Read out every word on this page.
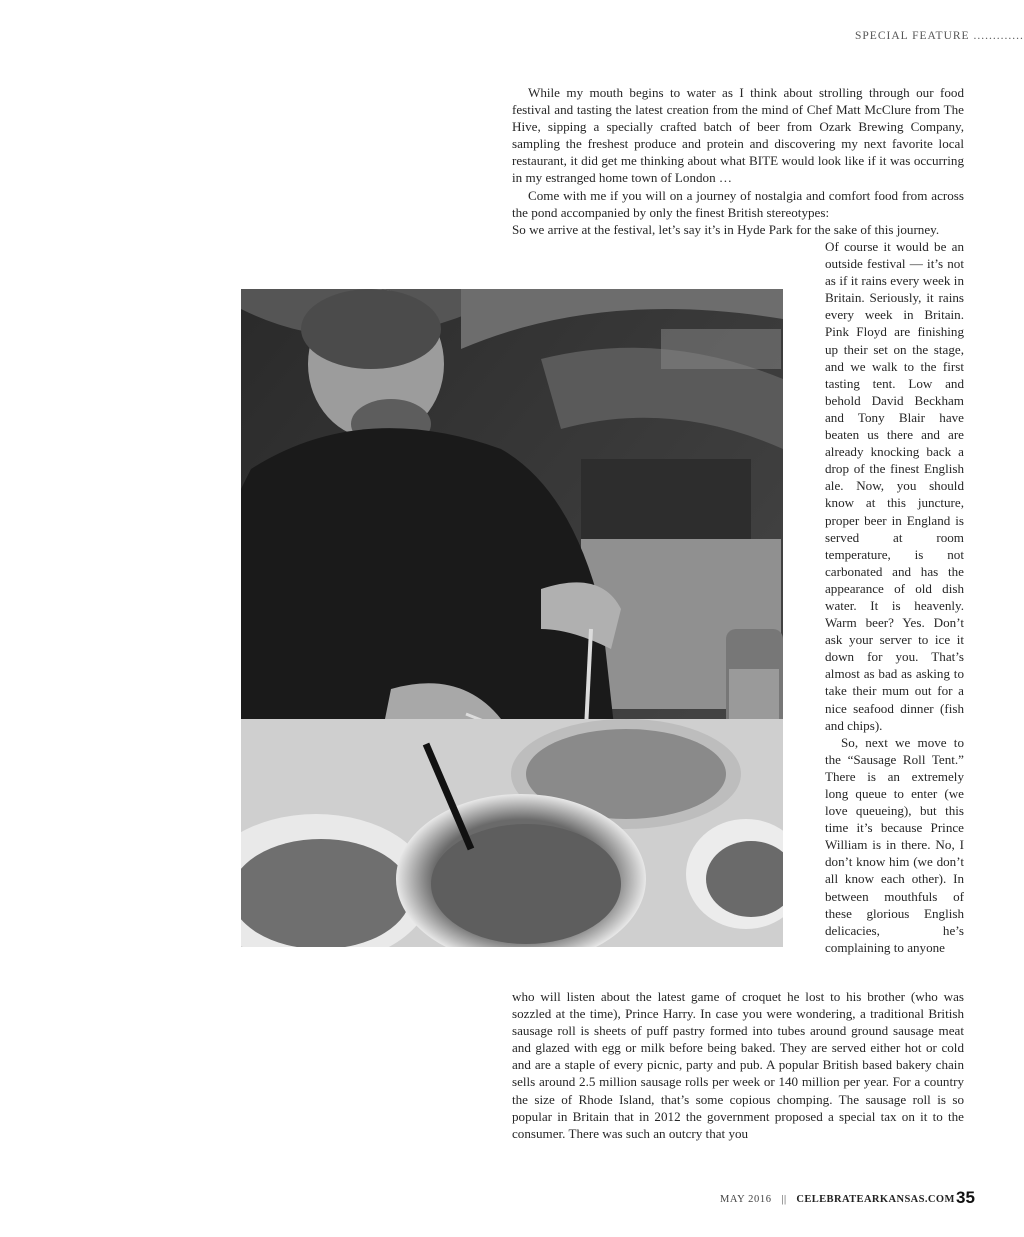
SPECIAL FEATURE .............

While my mouth begins to water as I think about strolling through our food festival and tasting the latest creation from the mind of Chef Matt McClure from The Hive, sipping a specially crafted batch of beer from Ozark Brewing Company, sampling the freshest produce and protein and discovering my next favorite local restaurant, it did get me thinking about what BITE would look like if it was occurring in my estranged home town of London …

Come with me if you will on a journey of nostalgia and comfort food from across the pond accompanied by only the finest British stereotypes:

So we arrive at the festival, let’s say it’s in Hyde Park for the sake of this journey.

Of course it would be an outside festival — it’s not as if it rains every week in Britain. Seriously, it rains every week in Britain. Pink Floyd are finishing up their set on the stage, and we walk to the first tasting tent. Low and behold David Beckham and Tony Blair have beaten us there and are already knocking back a drop of the finest English ale. Now, you should know at this juncture, proper beer in England is served at room temperature, is not carbonated and has the appearance of old dish water. It is heavenly. Warm beer? Yes. Don’t ask your server to ice it down for you. That’s almost as bad as asking to take their mum out for a nice seafood dinner (fish and chips).

So, next we move to the “Sausage Roll Tent.” There is an extremely long queue to enter (we love queueing), but this time it’s because Prince William is in there. No, I don’t know him (we don’t all know each other). In between mouthfuls of these glorious English delicacies, he’s complaining to anyone

who will listen about the latest game of croquet he lost to his brother (who was sozzled at the time), Prince Harry. In case you were wondering, a traditional British sausage roll is sheets of puff pastry formed into tubes around ground sausage meat and glazed with egg or milk before being baked. They are served either hot or cold and are a staple of every picnic, party and pub. A popular British based bakery chain sells around 2.5 million sausage rolls per week or 140 million per year. For a country the size of Rhode Island, that’s some copious chomping. The sausage roll is so popular in Britain that in 2012 the government proposed a special tax on it to the consumer. There was such an outcry that you

MAY 2016 || CELEBRATEARKANSAS.COM 35
